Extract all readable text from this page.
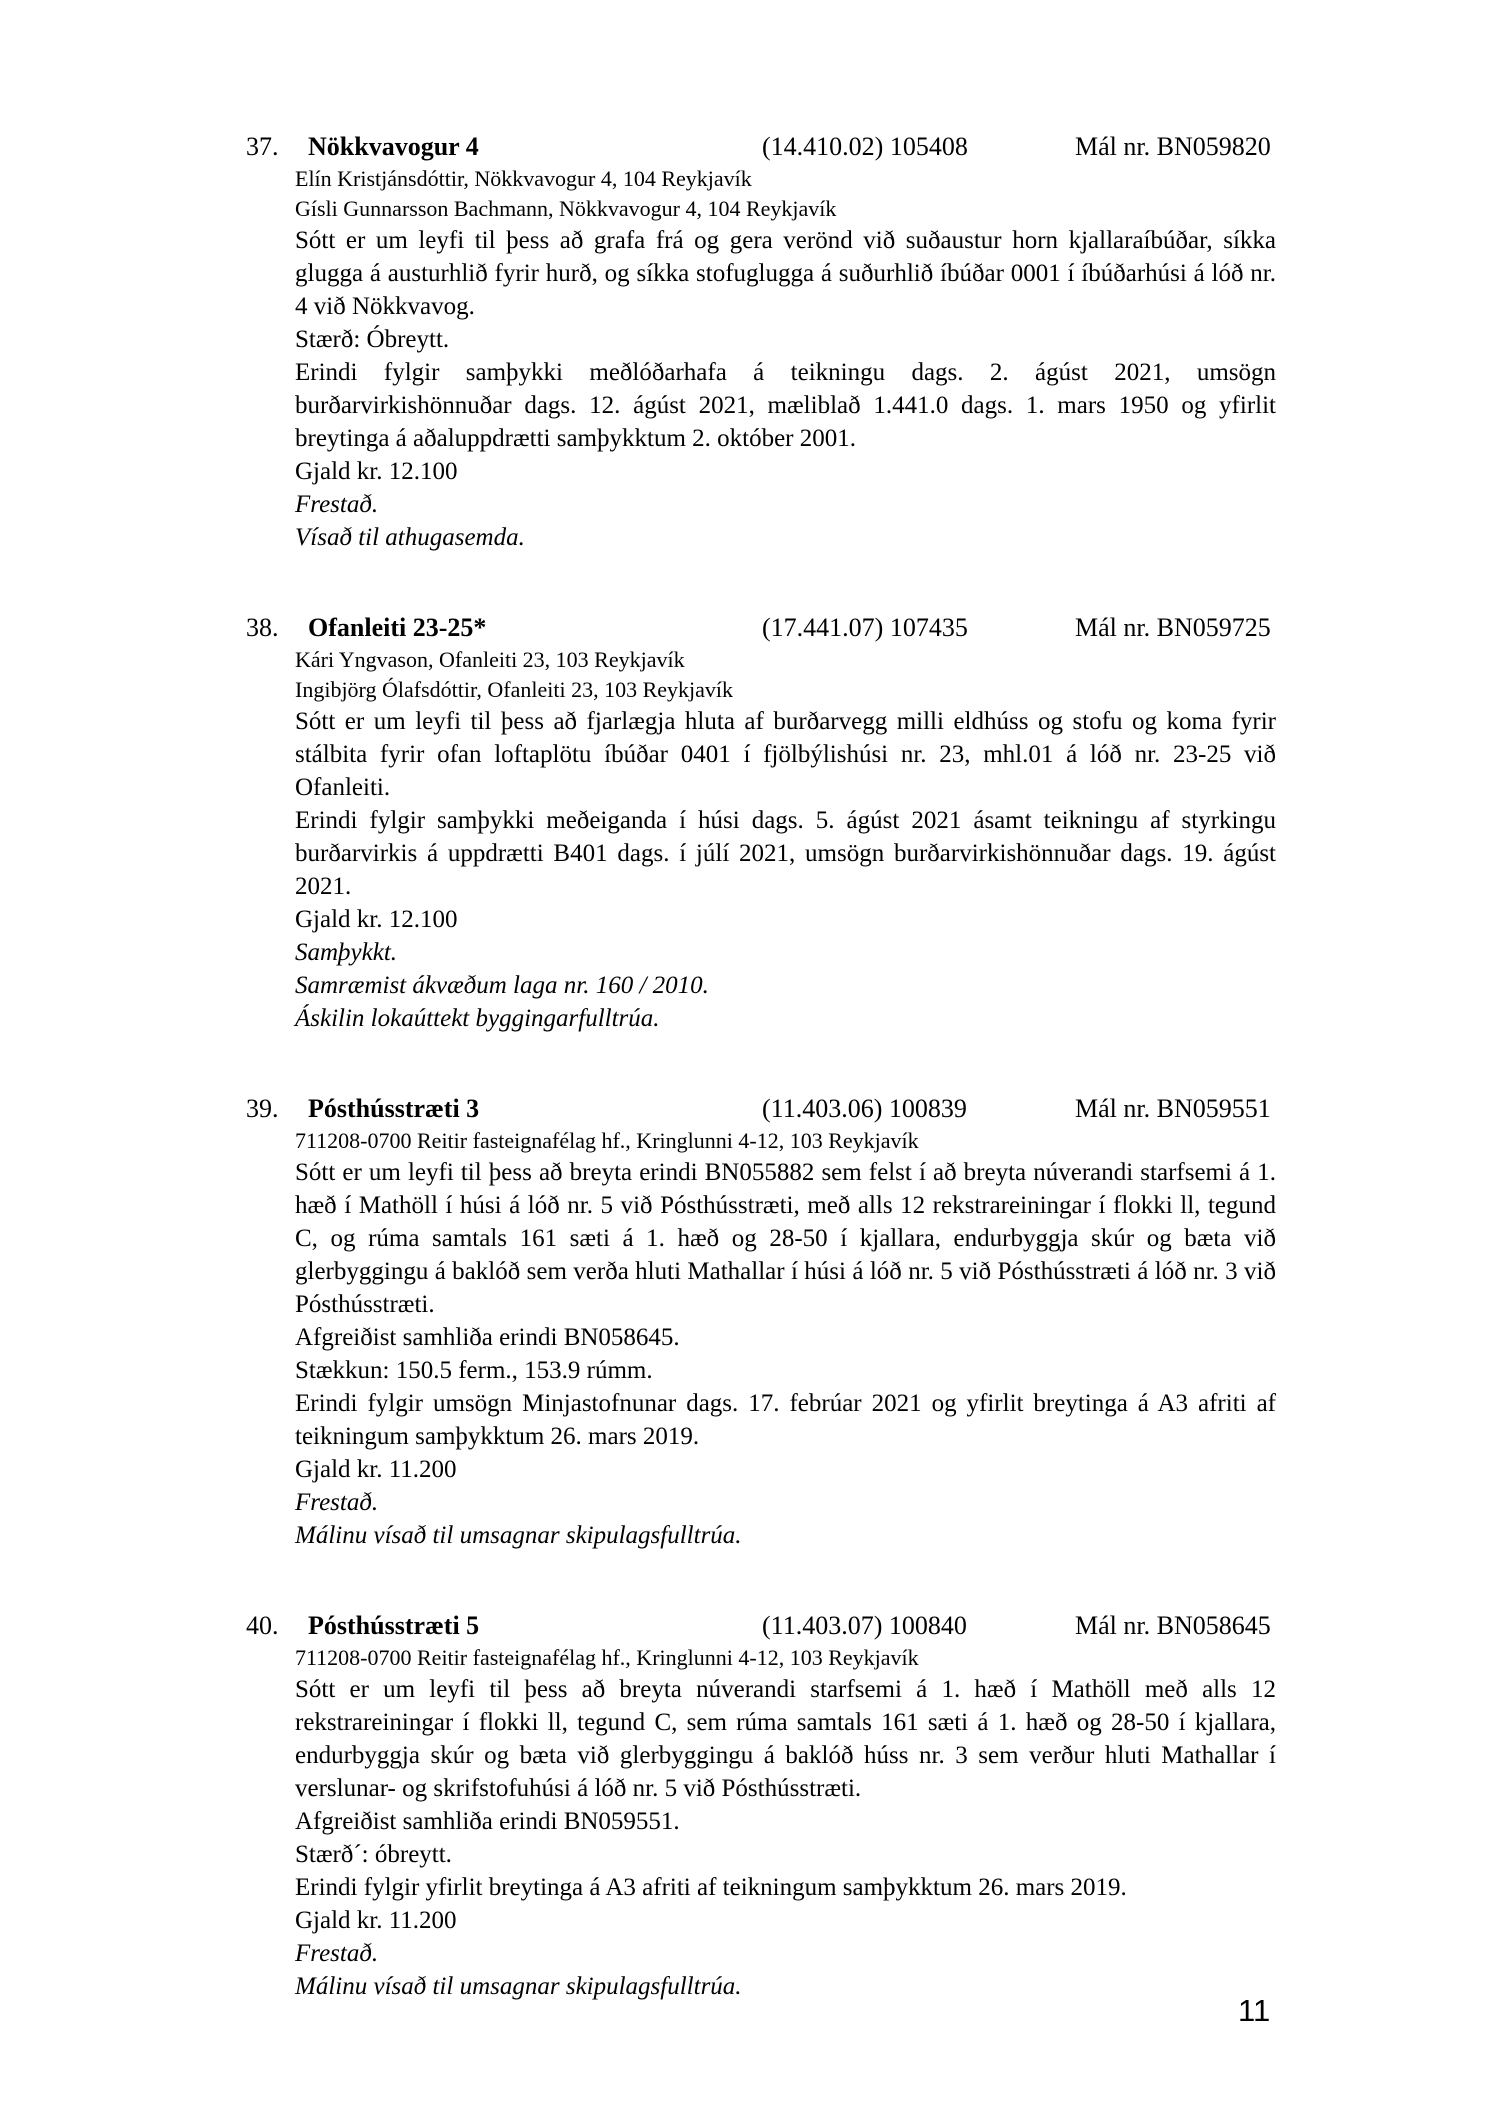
37.	Nökkvavogur 4	(14.410.02) 105408	Mál nr. BN059820
Elín Kristjánsdóttir, Nökkvavogur 4, 104 Reykjavík
Gísli Gunnarsson Bachmann, Nökkvavogur 4, 104 Reykjavík
Sótt er um leyfi til þess að grafa frá og gera verönd við suðaustur horn kjallaraíbúðar, síkka glugga á austurhlið fyrir hurð, og síkka stofuglugga á suðurhlið íbúðar 0001 í íbúðarhúsi á lóð nr. 4 við Nökkvavog.
Stærð: Óbreytt.
Erindi fylgir samþykki meðlóðarhafa á teikningu dags. 2. ágúst 2021, umsögn burðarvirkishönnuðar dags. 12. ágúst 2021, mæliblað 1.441.0 dags. 1. mars 1950 og yfirlit breytinga á aðaluppdrætti samþykktum 2. október 2001.
Gjald kr. 12.100
Frestað.
Vísað til athugasemda.
38.	Ofanleiti 23-25*	(17.441.07) 107435	Mál nr. BN059725
Kári Yngvason, Ofanleiti 23, 103 Reykjavík
Ingibjörg Ólafsdóttir, Ofanleiti 23, 103 Reykjavík
Sótt er um leyfi til þess að fjarlægja hluta af burðarvegg milli eldhúss og stofu og koma fyrir stálbita fyrir ofan loftaplötu íbúðar 0401 í fjölbýlishúsi nr. 23, mhl.01 á lóð nr. 23-25 við Ofanleiti.
Erindi fylgir samþykki meðeiganda í húsi dags. 5. ágúst 2021 ásamt teikningu af styrkingu burðarvirkis á uppdrætti B401 dags. í júlí 2021, umsögn burðarvirkishönnuðar dags. 19. ágúst 2021.
Gjald kr. 12.100
Samþykkt.
Samræmist ákvæðum laga nr. 160 / 2010.
Áskilin lokaúttekt byggingarfulltrúa.
39.	Pósthússtræti 3	(11.403.06) 100839	Mál nr. BN059551
711208-0700 Reitir fasteignafélag hf., Kringlunni 4-12, 103 Reykjavík
Sótt er um leyfi til þess að breyta erindi BN055882 sem felst í að breyta núverandi starfsemi á 1. hæð í Mathöll í húsi á lóð nr. 5 við Pósthússtræti, með alls 12 rekstrareiningar í flokki ll, tegund C, og rúma samtals 161 sæti á 1. hæð og 28-50 í kjallara, endurbyggja skúr og bæta við glerbyggingu á baklóð sem verða hluti Mathallar í húsi á lóð nr. 5 við Pósthússtræti á lóð nr. 3 við Pósthússtræti.
Afgreiðist samhliða erindi BN058645.
Stækkun: 150.5 ferm., 153.9 rúmm.
Erindi fylgir umsögn Minjastofnunar dags. 17. febrúar 2021 og yfirlit breytinga á A3 afriti af teikningum samþykktum 26. mars 2019.
Gjald kr. 11.200
Frestað.
Málinu vísað til umsagnar skipulagsfulltrúa.
40.	Pósthússtræti 5	(11.403.07) 100840	Mál nr. BN058645
711208-0700 Reitir fasteignafélag hf., Kringlunni 4-12, 103 Reykjavík
Sótt er um leyfi til þess að breyta núverandi starfsemi á 1. hæð í Mathöll með alls 12 rekstrareiningar í flokki ll, tegund C, sem rúma samtals 161 sæti á 1. hæð og 28-50 í kjallara, endurbyggja skúr og bæta við glerbyggingu á baklóð húss nr. 3 sem verður hluti Mathallar í verslunar- og skrifstofuhúsi á lóð nr. 5 við Pósthússtræti.
Afgreiðist samhliða erindi BN059551.
Stærð´: óbreytt.
Erindi fylgir yfirlit breytinga á A3 afriti af teikningum samþykktum 26. mars 2019.
Gjald kr. 11.200
Frestað.
Málinu vísað til umsagnar skipulagsfulltrúa.
11
